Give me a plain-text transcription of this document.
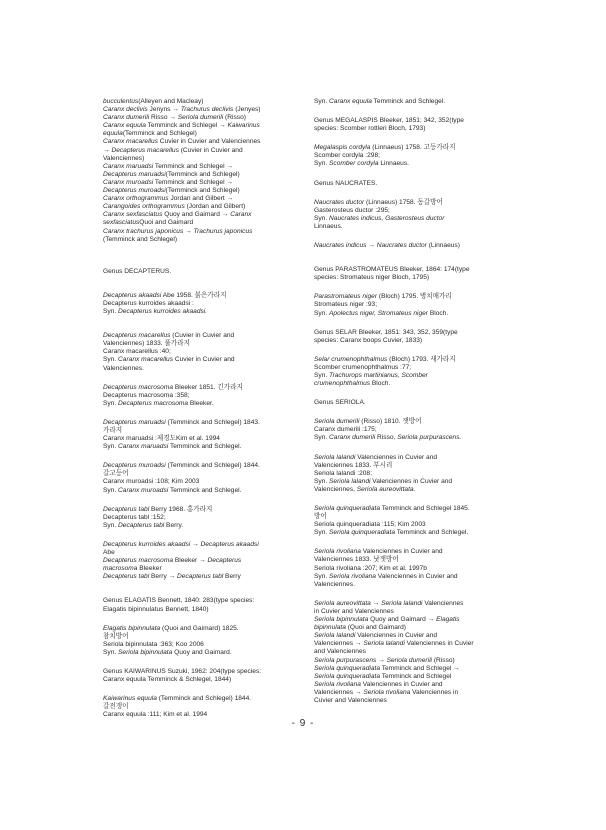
bucculentus(Alleyen and Macleay)
Caranx declivis Jenyns → Trachurus declivis (Jenyes)
Caranx dumerili Risso → Seriola dumerili (Risso)
Caranx equula Temminck and Schlegel → Kaiwarinus
equula(Temminck and Schlegel)
Caranx macarellus Cuvier in Cuvier and Valenciennes
→ Decapterus macarellus (Cuvier in Cuvier and
Valenciennes)
Caranx maruadsi Temminck and Schlegel →
Decapterus maruadsi(Temminck and Schlegel)
Caranx muroadsi Temminck and Schlegel →
Decapterus muroadsi(Temminck and Schlegel)
Caranx orthogrammus Jordan and Gilbert →
Carangoides orthogrammus (Jordan and Gilbert)
Caranx sexfasciatus Quoy and Gaimard → Caranx
sexfasciatusQuoi and Gaimard
Caranx trachurus japonicus → Trachurus japonicus
(Temminck and Schlegel)

Genus DECAPTERUS.
Decapterus akaadsi Abe 1958. 붉은가라지
Decapterus kurroides akaadsi :
Syn. Decapterus kurroides akaadsi.
Decapterus macarellus (Cuvier in Cuvier and
Valenciennes) 1833. 풀가라지
Caranx macarellus :40;
Syn. Caranx macarellus Cuvier in Cuvier and
Valenciennes.
Decapterus macrosoma Bleeker 1851. 긴가라지
Decapterus macrosoma :358;
Syn. Decapterus macrosoma Bleeker.
Decapterus maruadsi (Temminck and Schlegel) 1843.
가라지
Caranx maruadsi :제경도Kim et al. 1994
Syn. Caranx maruadsi Temminck and Schlegel.
Decapterus muroadsi (Temminck and Schlegel) 1844.
갈고등어
Caranx muroadsi :108; Kim 2003
Syn. Caranx muroadsi Temminck and Schlegel.
Decapterus tabl Berry 1968. 홍가라지
Decapterus tabl :152;
Syn. Decapterus tabl Berry.
Decapterus kurroides akaadsi → Decapterus akaadsi
Abe
Decapterus macrosoma Bleeker → Decapterus
macrosoma Bleeker
Decapterus tabl Berry → Decapterus tabl Berry
Genus ELAGATIS Bennett, 1840: 283(type species:
Elagatis bipinnulatus Bennett, 1840)
Elagatis bipinnulata (Quoi and Gaimard) 1825.
참치방어
Seriola bipinnulata :363; Koo 2006
Syn. Seriola bipinnulata Quoy and Gaimard.
Genus KAIWARINUS Suzuki, 1962: 204(type species:
Caranx equula Temminck & Schlegel, 1844)
Kaiwarinus equula (Temminck and Schlegel) 1844.
갈전갱이
Caranx equula :111; Kim et al. 1994
Syn. Caranx equula Temminck and Schlegel.
Genus MEGALASPIS Bleeker, 1851: 342, 352(type
species: Scomber rottleri Bloch, 1793)
Megalaspis cordyla (Linnaeus) 1758. 고등가라지
Scomber cordyla :298;
Syn. Scomber cordyla Linnaeus.
Genus NAUCRATES.
Naucrates ductor (Linnaeus) 1758. 동갈방어
Gasterosteus ductor :295;
Syn. Naucrates indicus, Gasterosteus ductor
Linnaeus.
Naucrates indicus → Naucrates ductor (Linnaeus)
Genus PARASTROMATEUS Bleeker, 1864: 174(type
species: Stromateus niger Bloch, 1795)
Parastromateus niger (Bloch) 1795. 병치매가리
Stromateus niger :93;
Syn. Apolectus niger, Stromateus niger Bloch.
Genus SELAR Bleeker, 1851: 343, 352, 359(type
species: Caranx boops Cuvier, 1833)
Selar crumenophthalmus (Bloch) 1793. 새가라지
Scomber crumenophthalmus :77;
Syn. Trachurops martinianus, Scomber
crumenophthalmus Bloch.
Genus SERIOLA.
Seriola dumerili (Risso) 1810. 잿방어
Caranx dumerili :175;
Syn. Caranx dumerili Risso, Seriola purpurascens.
Seriola lalandi Valenciennes in Cuvier and
Valenciennes 1833. 부시리
Seriola lalandi :208;
Syn. Seriola lalandi Valenciennes in Cuvier and
Valenciennes, Seriola aureovittata.
Seriola quinqueradiata Temminck and Schlegel 1845.
방어
Seriola quinqueradiata :115; Kim 2003
Syn. Seriola quinqueradiata Temminck and Schlegel.
Seriola rivoliana Valenciennes in Cuvier and
Valenciennes 1833. 낫잿방어
Seriola rivoliana :207; Kim et al. 1997b
Syn. Seriola rivoliana Valenciennes in Cuvier and
Valenciennes.
Seriola aureovittata → Seriola lalandi Valenciennes
in Cuvier and Valenciennes
Seriola bipinnulata Quoy and Gaimard → Elagatis
bipinnulata (Quoi and Gaimard)
Seriola lalandi Valenciennes in Cuvier and
Valenciennes → Seriola lalandi Valenciennes in Cuvier
and Valenciennes
Seriola purpurascens → Seriola dumerili (Risso)
Seriola quinqueradiata Temminck and Schlegel →
Seriola quinqueradiata Temminck and Schlegel
Seriola rivoliana Valenciennes in Cuvier and
Valenciennes → Seriola rivoliana Valenciennes in
Cuvier and Valenciennes
- 9 -
